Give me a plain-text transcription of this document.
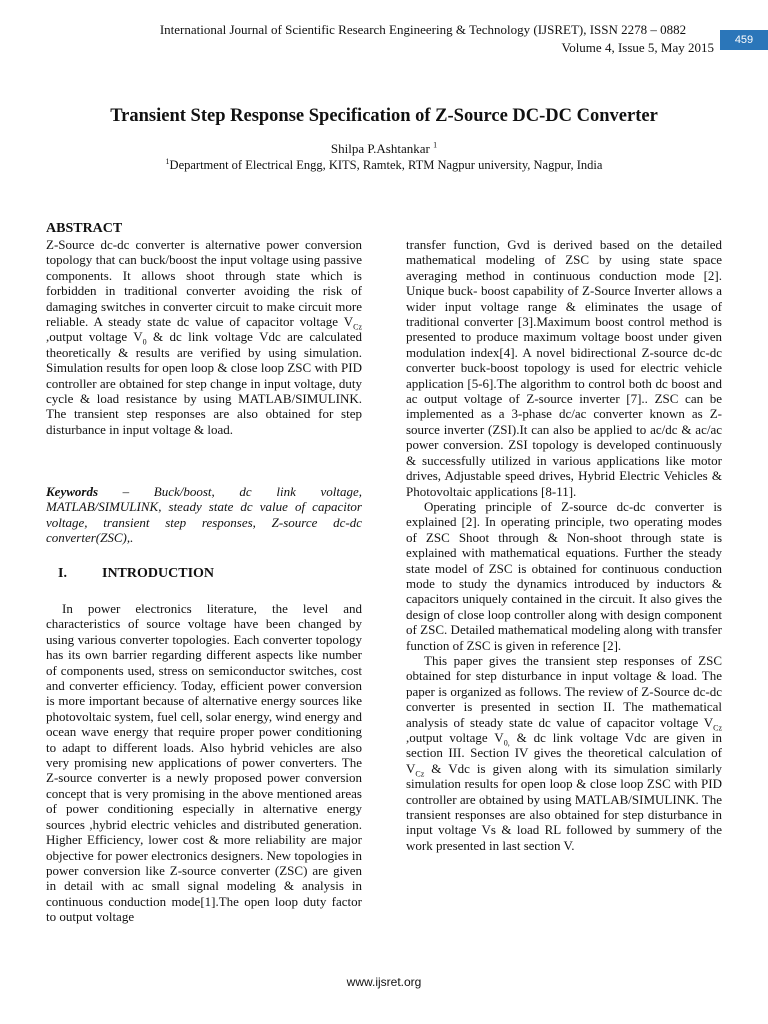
International Journal of Scientific Research Engineering & Technology (IJSRET), ISSN 2278 – 0882
Volume 4, Issue 5, May 2015	459
Transient Step Response Specification of Z-Source DC-DC Converter
Shilpa P.Ashtankar $^1$
$^1$Department of Electrical Engg, KITS, Ramtek, RTM Nagpur university, Nagpur, India
ABSTRACT
Z-Source dc-dc converter is alternative power conversion topology that can buck/boost the input voltage using passive components. It allows shoot through state which is forbidden in traditional converter avoiding the risk of damaging switches in converter circuit to make circuit more reliable. A steady state dc value of capacitor voltage $V_{Cz}$ ,output voltage $V_0$ & dc link voltage Vdc are calculated theoretically & results are verified by using simulation. Simulation results for open loop & close loop ZSC with PID controller are obtained for step change in input voltage, duty cycle & load resistance by using MATLAB/SIMULINK. The transient step responses are also obtained for step disturbance in input voltage & load.
Keywords – Buck/boost, dc link voltage, MATLAB/SIMULINK, steady state dc value of capacitor voltage, transient step responses, Z-source dc-dc converter(ZSC),.
I.	INTRODUCTION
In power electronics literature, the level and characteristics of source voltage have been changed by using various converter topologies. Each converter topology has its own barrier regarding different aspects like number of components used, stress on semiconductor switches, cost and converter efficiency. Today, efficient power conversion is more important because of alternative energy sources like photovoltaic system, fuel cell, solar energy, wind energy and ocean wave energy that require proper power conditioning to adapt to different loads. Also hybrid vehicles are also very promising new applications of power converters. The Z-source converter is a newly proposed power conversion concept that is very promising in the above mentioned areas of power conditioning especially in alternative energy sources ,hybrid electric vehicles and distributed generation. Higher Efficiency, lower cost & more reliability are major objective for power electronics designers. New topologies in power conversion like Z-source converter (ZSC) are given in detail with ac small signal modeling & analysis in continuous conduction mode[1].The open loop duty factor to output voltage

transfer function, Gvd is derived based on the detailed mathematical modeling of ZSC by using state space averaging method in continuous conduction mode [2]. Unique buck- boost capability of Z-Source Inverter allows a wider input voltage range & eliminates the usage of traditional converter [3].Maximum boost control method is presented to produce maximum voltage boost under given modulation index[4]. A novel bidirectional Z-source dc-dc converter buck-boost topology is used for electric vehicle application [5-6].The algorithm to control both dc boost and ac output voltage of Z-source inverter [7].. ZSC can be implemented as a 3-phase dc/ac converter known as Z-source inverter (ZSI).It can also be applied to ac/dc & ac/ac power conversion. ZSI topology is developed continuously & successfully utilized in various applications like motor drives, Adjustable speed drives, Hybrid Electric Vehicles & Photovoltaic applications [8-11].

Operating principle of Z-source dc-dc converter is explained [2]. In operating principle, two operating modes of ZSC Shoot through & Non-shoot through state is explained with mathematical equations. Further the steady state model of ZSC is obtained for continuous conduction mode to study the dynamics introduced by inductors & capacitors uniquely contained in the circuit. It also gives the design of close loop controller along with design component of ZSC. Detailed mathematical modeling along with transfer function of ZSC is given in reference [2].

This paper gives the transient step responses of ZSC obtained for step disturbance in input voltage & load. The paper is organized as follows. The review of Z-Source dc-dc converter is presented in section II. The mathematical analysis of steady state dc value of capacitor voltage $V_{Cz}$ ,output voltage $V_{0,}$ & dc link voltage Vdc are given in section III. Section IV gives the theoretical calculation of $V_{Cz}$ & Vdc is given along with its simulation similarly simulation results for open loop & close loop ZSC with PID controller are obtained by using MATLAB/SIMULINK. The transient responses are also obtained for step disturbance in input voltage Vs & load RL followed by summery of the work presented in last section V.

www.ijsret.org
